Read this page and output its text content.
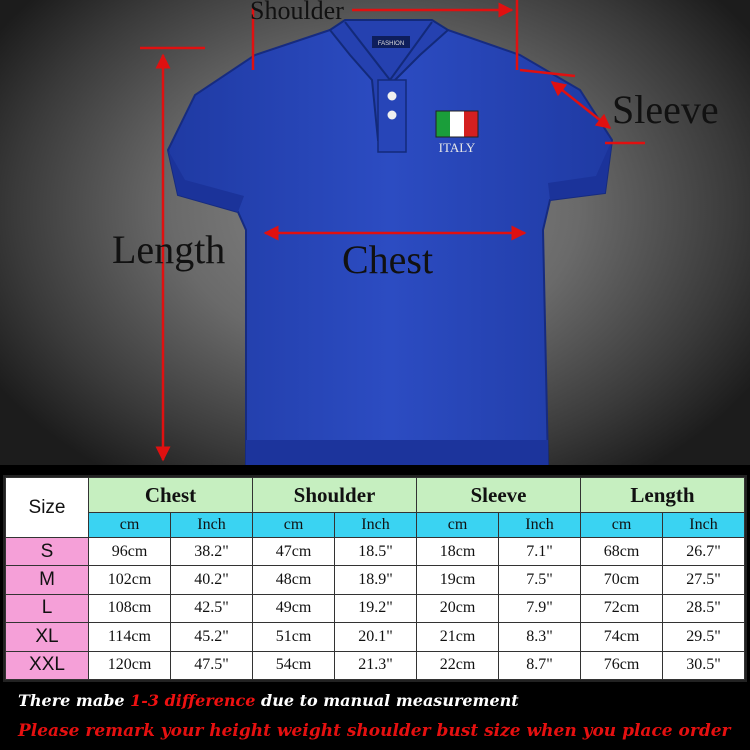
FASHION
ITALY
Shoulder
Sleeve
Length	Chest
Size	Chest		Shoulder		Sleeve		Length	
	cm	Inch	cm	Inch	cm	Inch	cm	Inch
S	96cm	38.2"	47cm	18.5"	18cm	7.1"	68cm	26.7"
M	102cm	40.2"	48cm	18.9"	19cm	7.5"	70cm	27.5"
L	108cm	42.5"	49cm	19.2"	20cm	7.9"	72cm	28.5"
XL	114cm	45.2"	51cm	20.1"	21cm	8.3"	74cm	29.5"
XXL	120cm	47.5"	54cm	21.3"	22cm	8.7"	76cm	30.5"
There mabe 1-3 difference due to manual measurement
Please remark your height weight shoulder bust size when you place order
